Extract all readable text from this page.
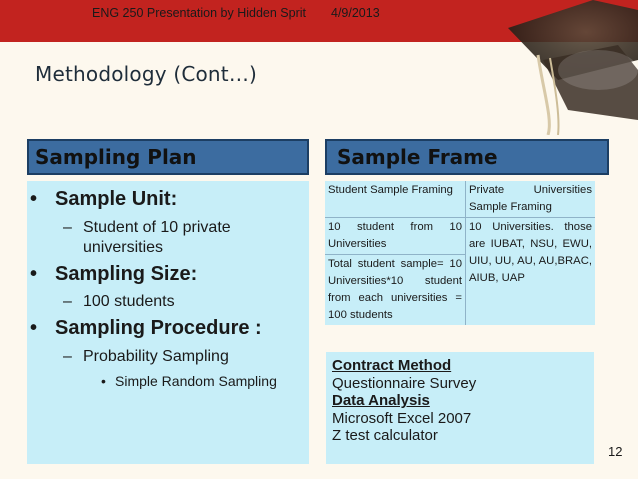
ENG 250 Presentation by Hidden Sprit 4/9/2013
Methodology (Cont…)
Sampling Plan	Sample Frame
• Sample Unit:
– Student of 10 private
universities
• Sampling Size:
– 100 students
• Sampling Procedure :
– Probability Sampling
• Simple Random Sampling
Student Sample Framing	Private Universities Sample Framing
10 student from 10 Universities	10 Universities. those are IUBAT, NSU, EWU, UIU, UU, AU, AU,BRAC, AIUB, UAP
Total student sample= 10 Universities*10 student from each universities = 100 students	
Contract Method
Questionnaire Survey
Data Analysis
Microsoft Excel 2007
Z test calculator
12
